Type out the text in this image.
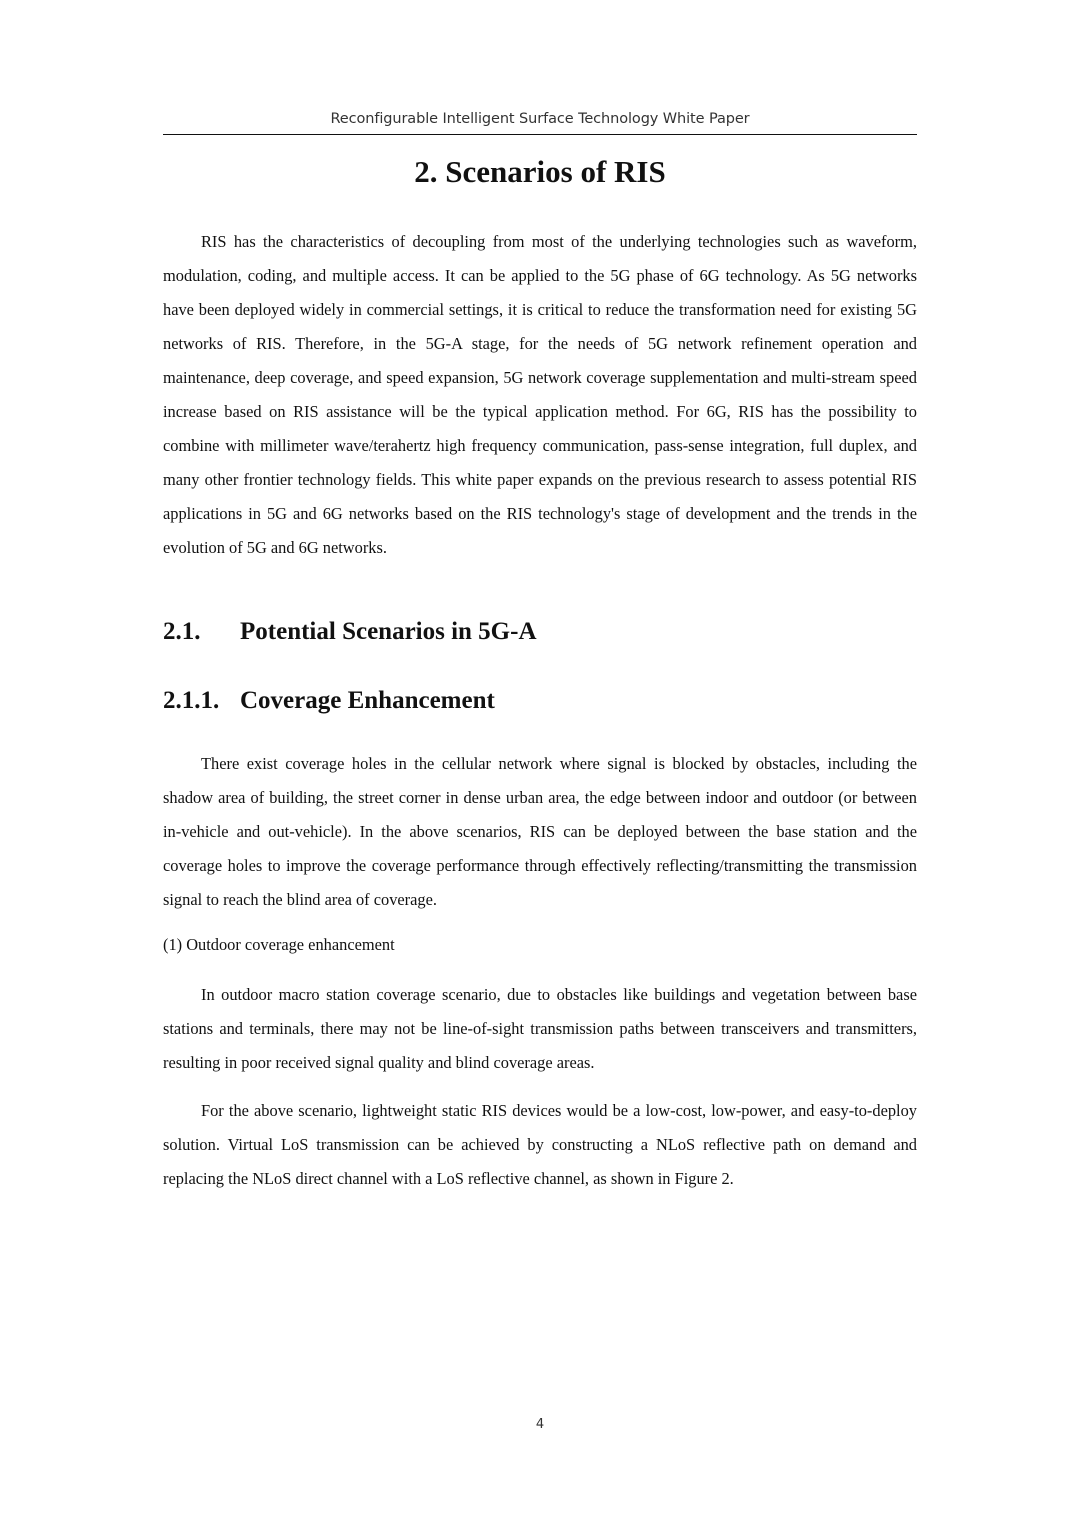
Reconfigurable Intelligent Surface Technology White Paper
2. Scenarios of RIS

RIS has the characteristics of decoupling from most of the underlying technologies such as waveform, modulation, coding, and multiple access. It can be applied to the 5G phase of 6G technology. As 5G networks have been deployed widely in commercial settings, it is critical to reduce the transformation need for existing 5G networks of RIS. Therefore, in the 5G-A stage, for the needs of 5G network refinement operation and maintenance, deep coverage, and speed expansion, 5G network coverage supplementation and multi-stream speed increase based on RIS assistance will be the typical application method. For 6G, RIS has the possibility to combine with millimeter wave/terahertz high frequency communication, pass-sense integration, full duplex, and many other frontier technology fields. This white paper expands on the previous research to assess potential RIS applications in 5G and 6G networks based on the RIS technology's stage of development and the trends in the evolution of 5G and 6G networks.

2.1. Potential Scenarios in 5G-A
2.1.1. Coverage Enhancement

There exist coverage holes in the cellular network where signal is blocked by obstacles, including the shadow area of building, the street corner in dense urban area, the edge between indoor and outdoor (or between in-vehicle and out-vehicle). In the above scenarios, RIS can be deployed between the base station and the coverage holes to improve the coverage performance through effectively reflecting/transmitting the transmission signal to reach the blind area of coverage.

(1) Outdoor coverage enhancement

In outdoor macro station coverage scenario, due to obstacles like buildings and vegetation between base stations and terminals, there may not be line-of-sight transmission paths between transceivers and transmitters, resulting in poor received signal quality and blind coverage areas.

For the above scenario, lightweight static RIS devices would be a low-cost, low-power, and easy-to-deploy solution. Virtual LoS transmission can be achieved by constructing a NLoS reflective path on demand and replacing the NLoS direct channel with a LoS reflective channel, as shown in Figure 2.

4
